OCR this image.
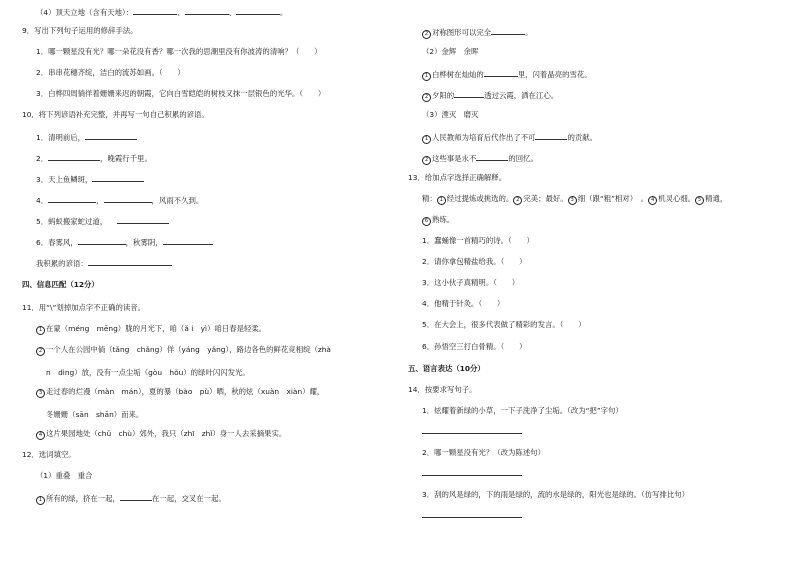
（4）顶天立地（含有天地）：	、	、	。
9．写出下列句子运用的修辞手法。
1．哪一颗星没有光？哪一朵花没有香？哪一次我的思潮里没有你波涛的清响？（　　）
2．串串花穗齐绽，洁白的流苏如画。（　　）
3．白桦四周徜徉着姗姗来迟的朝霞，它向白雪皑皑的树枝又抹一层银色的光华。（　　）
10．将下列谚语补充完整，并再写一句自己积累的谚语。
1．清明前后，
2．	，晚霞行千里。
3．天上鱼鳞斑，
4．	，	，风雨不久到。
5．蚂蚁搬家蛇过道，
6．春雾风，	，秋雾阴，
我积累的谚语：
四、信息匹配（12分）
11．用“\”划掉加点字不正确的读音。
1 在蒙（méng　mēng）胧的月光下，咱（ǎ i　yì）咱日春是轻柔。
2 一个人在公园中倘（tǎng　chǎng）佯（yáng　yǎng），路边各色的鲜花竞相绽（zhà
n　dìng）放，没有一点尘垢（gòu　hǒu）的绿叶闪闪发光。
3 走过春的烂漫（màn　mán），夏的暴（bào　pù）晒，秋的炫（xuàn　xiàn）耀，
冬姗姗（sān　shān）而来。
4 这片果园地处（chǔ　chù）郊外，我只（zhī　zhǐ）身一人去采摘果实。
12．选词填空。
（1）重叠　重合
1 所有的绿，挤在一起，	在一起，交叉在一起。
2 对称图形可以完全	。
（2）金辉　余晖
1 白桦树在灿灿的	里，闪着晶亮的雪花。
2 夕阳的	透过云霞，洒在江心。
（3）湮灭　磨灭
1 人民教师为培育后代作出了不可	的贡献。
2 这些事是永不	的回忆。
13．给加点字选择正确解释。
精： 1 经过提炼或挑选的。 2 完美；最好。 3 细（跟“粗”相对）　。 4 机灵心细。 5 精通，
6 熟练。
1．蠢蛹像一首精巧的诗。（　　）
2．请你拿包精盐给我。（　　）
3．这小伙子真精明。（　　）
4．他精于针灸。（　　）
5．在大会上，很多代表做了精彩的发言。（　　）
6．孙悟空三打白骨精。（　　）
五、语言表达（10分）
14．按要求写句子。
1．炫耀着新绿的小草，一下子洗净了尘垢。（改为“把”字句）
2．哪一颗星没有光？（改为陈述句）
3．刮的风是绿的，下的雨是绿的，流的水是绿的，阳光也是绿的。（仿写排比句）
